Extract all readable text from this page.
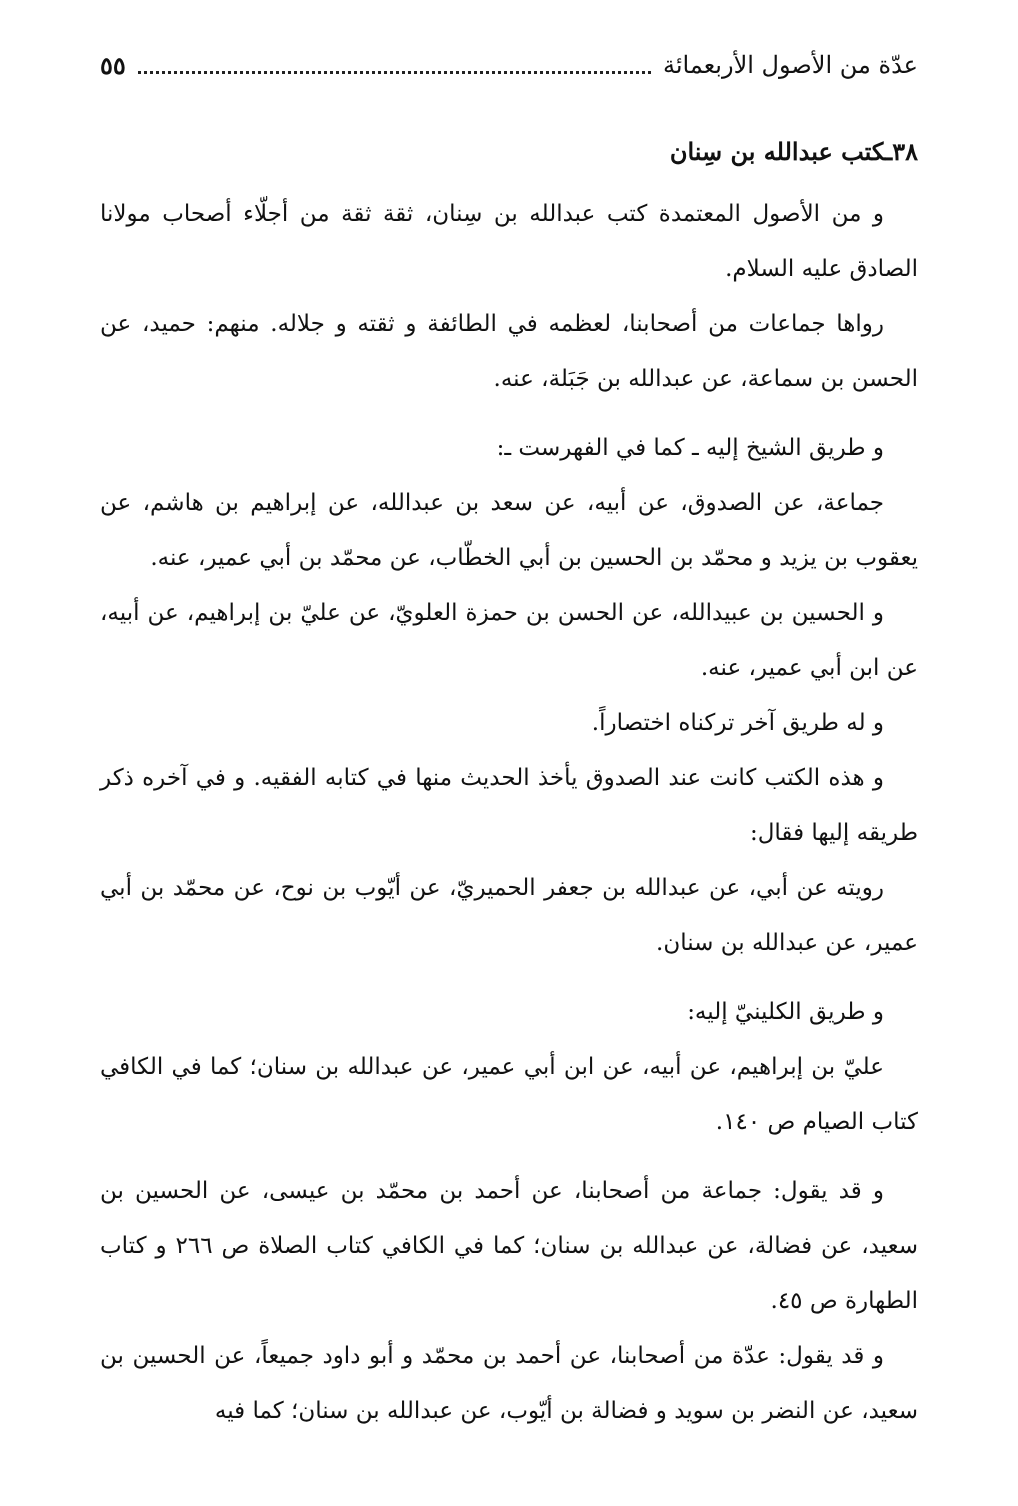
عدّة من الأصول الأربعمائة
٥٥
٣٨ـكتب عبدالله بن سِنان

و من الأصول المعتمدة كتب عبدالله بن سِنان، ثقة ثقة من أجلّاء أصحاب مولانا الصادق عليه السلام.

رواها جماعات من أصحابنا، لعظمه في الطائفة و ثقته و جلاله. منهم: حميد، عن الحسن بن سماعة، عن عبدالله بن جَبَلة، عنه.

و طريق الشيخ إليه ـ كما في الفهرست ـ:

جماعة، عن الصدوق، عن أبيه، عن سعد بن عبدالله، عن إبراهيم بن هاشم، عن يعقوب بن يزيد و محمّد بن الحسين بن أبي الخطّاب، عن محمّد بن أبي عمير، عنه.

و الحسين بن عبيدالله، عن الحسن بن حمزة العلويّ، عن عليّ بن إبراهيم، عن أبيه، عن ابن أبي عمير، عنه.

و له طريق آخر تركناه اختصاراً.

و هذه الكتب كانت عند الصدوق يأخذ الحديث منها في كتابه الفقيه. و في آخره ذكر طريقه إليها فقال:

رويته عن أبي، عن عبدالله بن جعفر الحميريّ، عن أيّوب بن نوح، عن محمّد بن أبي عمير، عن عبدالله بن سنان.

و طريق الكلينيّ إليه:

عليّ بن إبراهيم، عن أبيه، عن ابن أبي عمير، عن عبدالله بن سنان؛ كما في الكافي كتاب الصيام ص ١٤٠.

و قد يقول: جماعة من أصحابنا، عن أحمد بن محمّد بن عيسى، عن الحسين بن سعيد، عن فضالة، عن عبدالله بن سنان؛ كما في الكافي كتاب الصلاة ص ٢٦٦ و كتاب الطهارة ص ٤٥.

و قد يقول: عدّة من أصحابنا، عن أحمد بن محمّد و أبو داود جميعاً، عن الحسين بن سعيد، عن النضر بن سويد و فضالة بن أيّوب، عن عبدالله بن سنان؛ كما فيه
